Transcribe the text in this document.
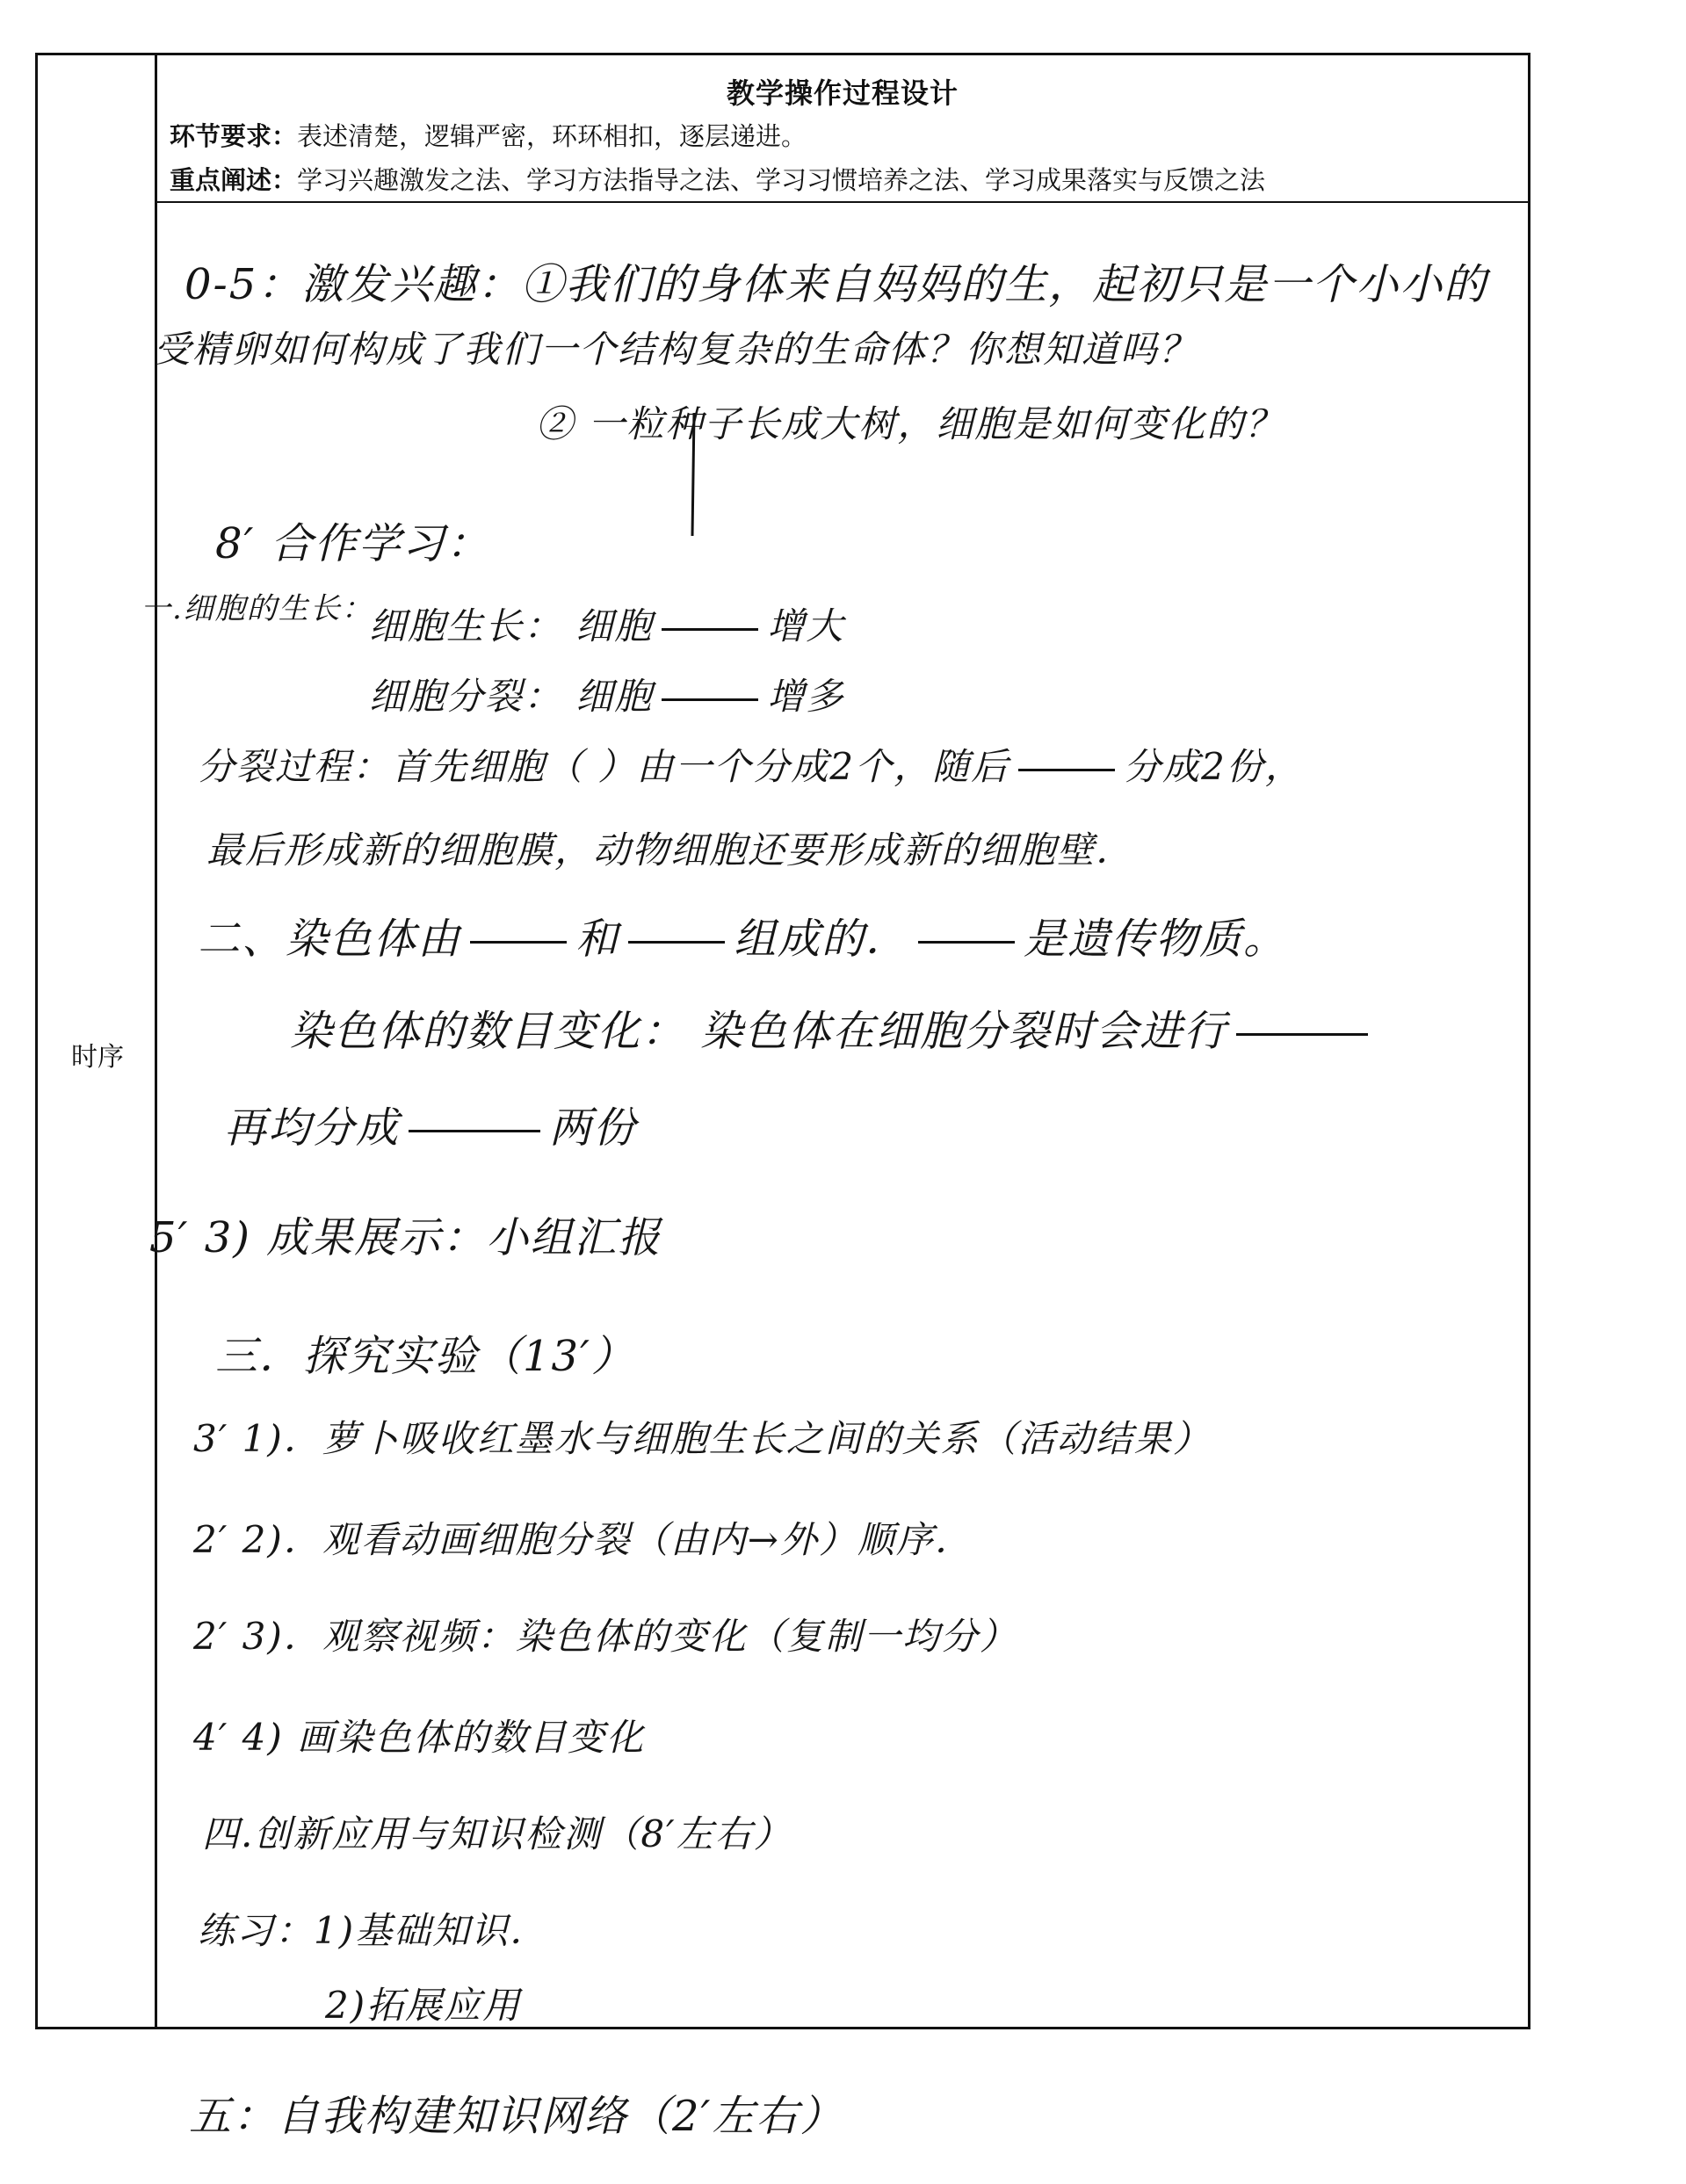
时序
教学操作过程设计
环节要求：表述清楚，逻辑严密，环环相扣，逐层递进。
重点阐述：学习兴趣激发之法、学习方法指导之法、学习习惯培养之法、学习成果落实与反馈之法
0-5：激发兴趣：①我们的身体来自妈妈的生，起初只是一个小小的
受精卵如何构成了我们一个结构复杂的生命体？你想知道吗？
② 一粒种子长成大树，细胞是如何变化的？
8′ 合作学习：
一.细胞的生长：
细胞生长： 细胞	增大
细胞分裂： 细胞	增多
分裂过程：首先细胞（ ）由一个分成2个，随后	分成2份，
最后形成新的细胞膜，动物细胞还要形成新的细胞壁．
二、染色体由	和	组成的．	是遗传物质。
染色体的数目变化： 染色体在细胞分裂时会进行
再均分成	两份
5′ 3) 成果展示：小组汇报
三．探究实验（13′）
3′ 1)．萝卜吸收红墨水与细胞生长之间的关系（活动结果）
2′ 2)．观看动画细胞分裂（由内→外）顺序．
2′ 3)．观察视频：染色体的变化（复制一均分）
4′ 4) 画染色体的数目变化
四.创新应用与知识检测（8′左右）
练习：1)基础知识．
2)拓展应用
五：自我构建知识网络（2′左右）
